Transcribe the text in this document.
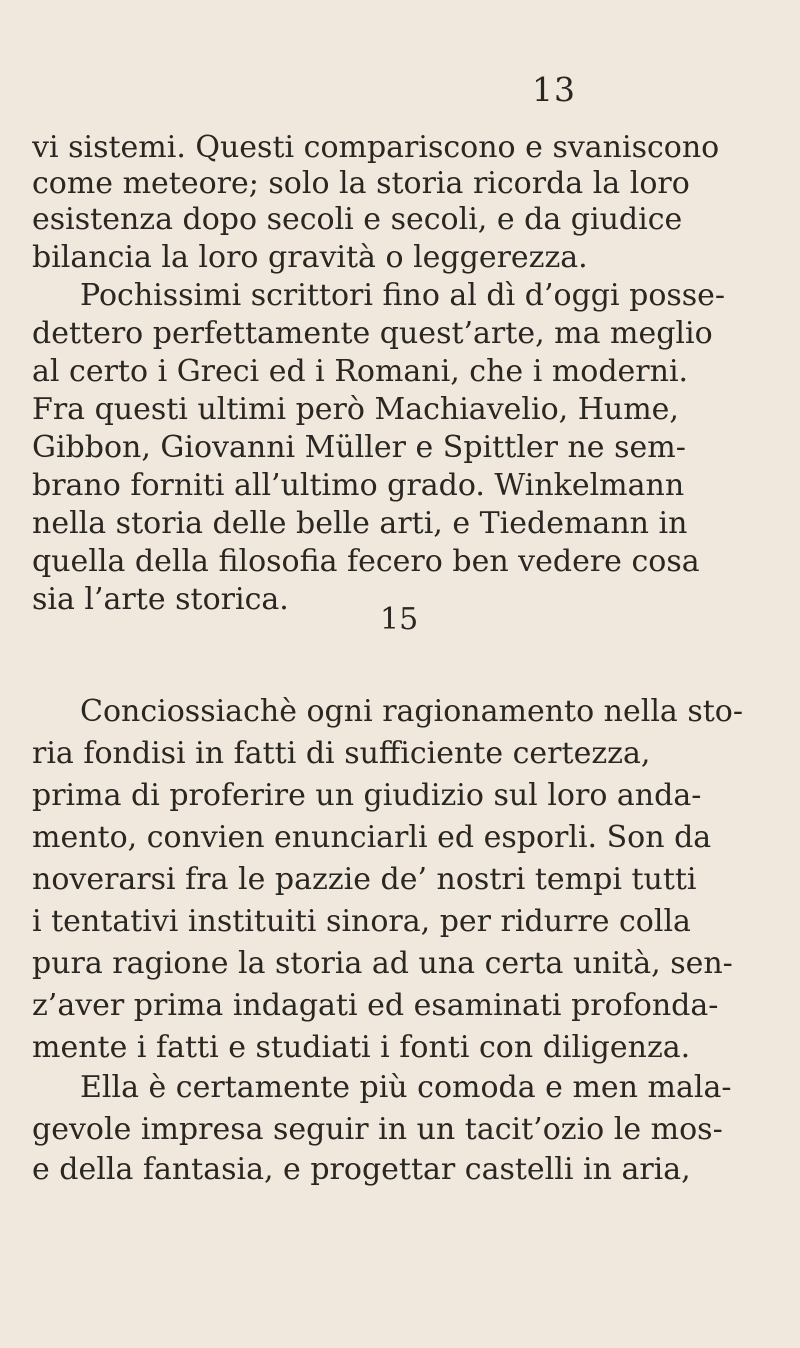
13
vi sistemi. Questi compariscono e svaniscono
come meteore; solo la storia ricorda la loro
esistenza dopo secoli e secoli, e da giudice
bilancia la loro gravità o leggerezza.
Pochissimi scrittori fino al dì d’oggi posse-
dettero perfettamente quest’arte, ma meglio
al certo i Greci ed i Romani, che i moderni.
Fra questi ultimi però Machiavelio, Hume,
Gibbon, Giovanni Müller e Spittler ne sem-
brano forniti all’ultimo grado. Winkelmann
nella storia delle belle arti, e Tiedemann in
quella della filosofia fecero ben vedere cosa
sia l’arte storica.
15
Conciossiachè ogni ragionamento nella sto-
ria fondisi in fatti di sufficiente certezza,
prima di proferire un giudizio sul loro anda-
mento, convien enunciarli ed esporli. Son da
noverarsi fra le pazzie de’ nostri tempi tutti
i tentativi instituiti sinora, per ridurre colla
pura ragione la storia ad una certa unità, sen-
z’aver prima indagati ed esaminati profonda-
mente i fatti e studiati i fonti con diligenza.
Ella è certamente più comoda e men mala-
gevole impresa seguir in un tacit’ozio le mos-
e della fantasia, e progettar castelli in aria,
